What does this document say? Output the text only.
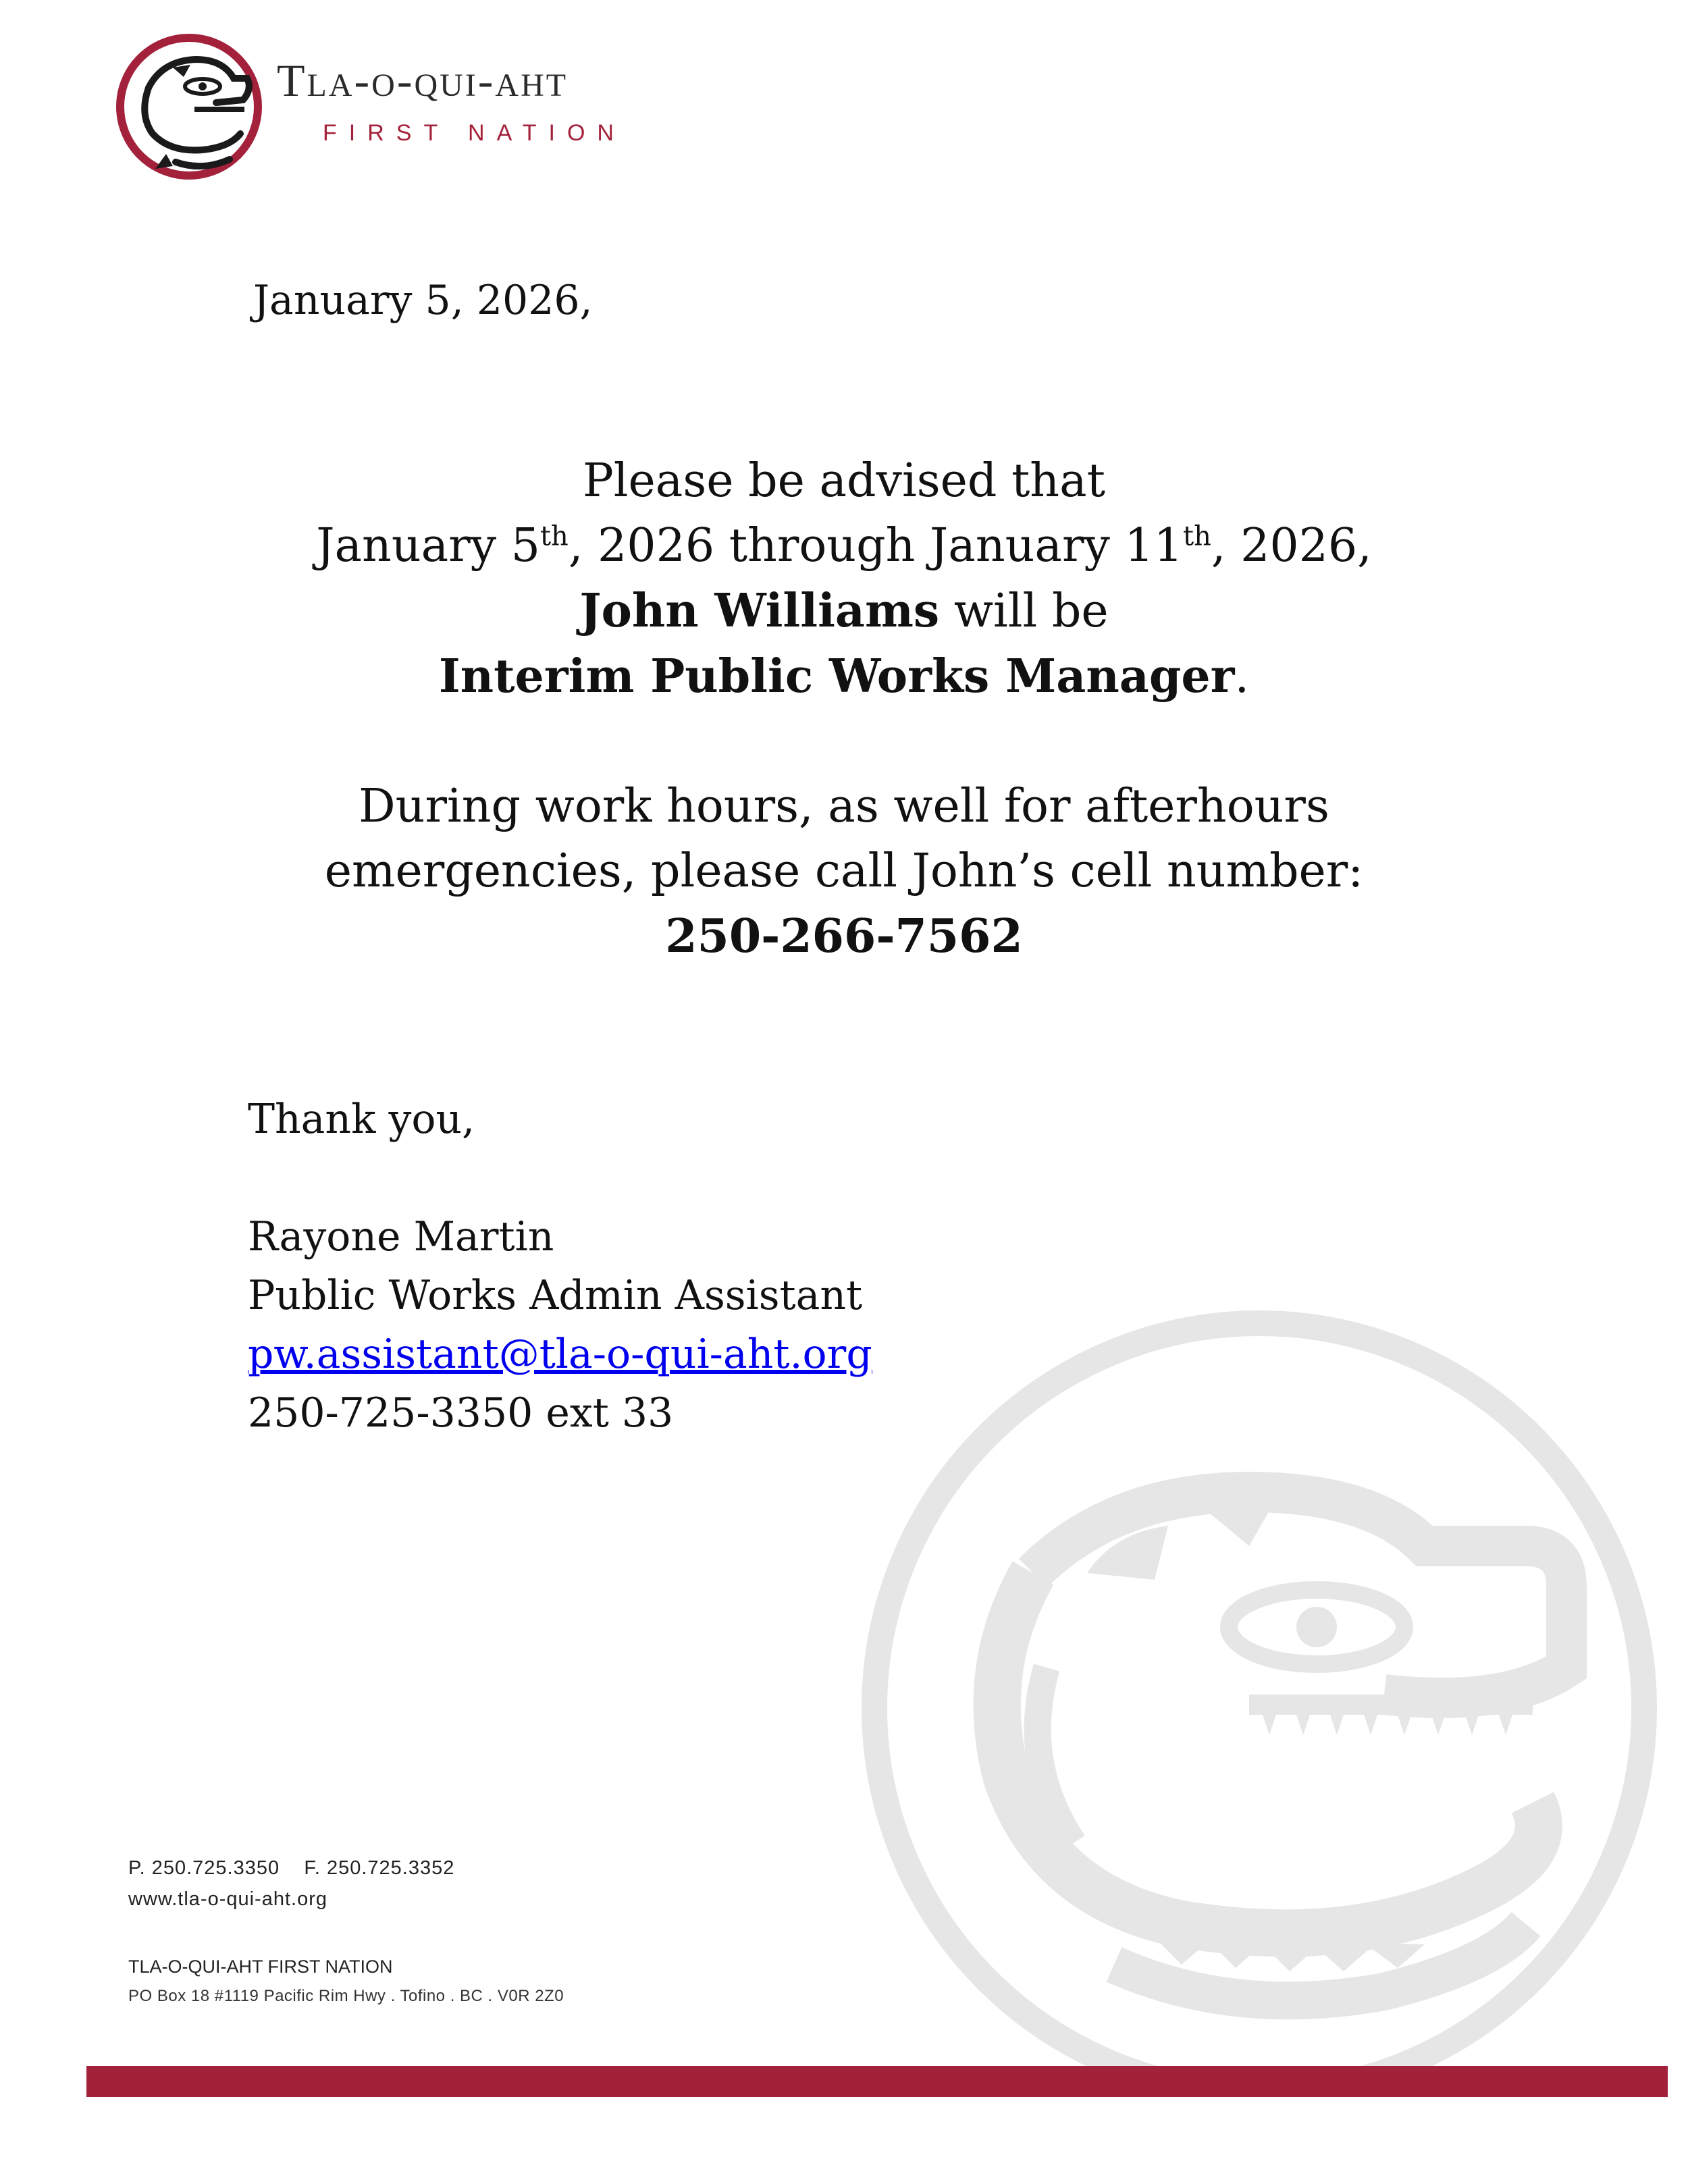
Tla-o-qui-aht
FIRST NATION
January 5, 2026,
Please be advised that
January 5th, 2026 through January 11th, 2026,
John Williams will be
Interim Public Works Manager.
During work hours, as well for afterhours
emergencies, please call John’s cell number:
250-266-7562
Thank you,
Rayone Martin
Public Works Admin Assistant
pw.assistant@tla-o-qui-aht.org
250-725-3350 ext 33
P. 250.725.3350    F. 250.725.3352
www.tla-o-qui-aht.org
TLA-O-QUI-AHT FIRST NATION
PO Box 18 #1119 Pacific Rim Hwy . Tofino . BC . V0R 2Z0
